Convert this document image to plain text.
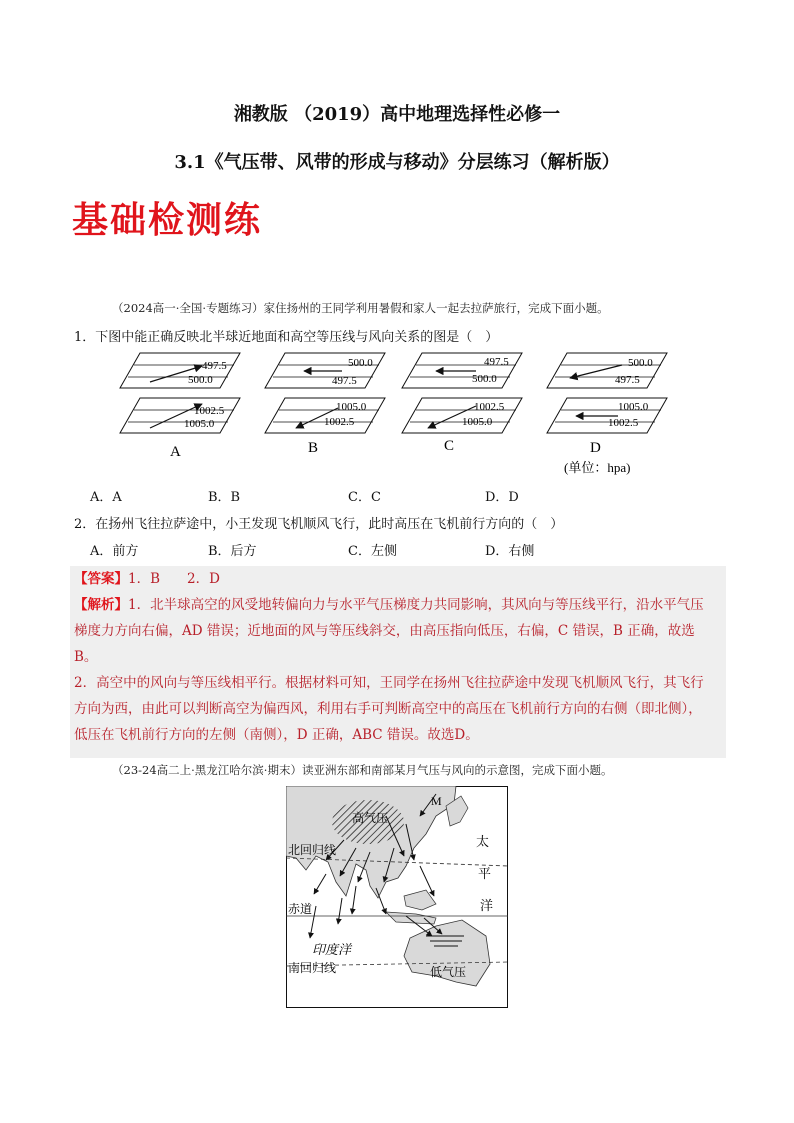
湘教版 （2019）高中地理选择性必修一
3.1《气压带、风带的形成与移动》分层练习（解析版）
基础检测练
（2024高一·全国·专题练习）家住扬州的王同学利用暑假和家人一起去拉萨旅行，完成下面小题。
1．下图中能正确反映北半球近地面和高空等压线与风向关系的图是（　）
497.5
500.0
1002.5
1005.0
A
500.0
497.5
1005.0
1002.5
B
497.5
500.0
1002.5
1005.0
C
500.0
497.5
1005.0
1002.5
D
(单位：hpa)
A．A	B．B	C．C	D．D
2．在扬州飞往拉萨途中，小王发现飞机顺风飞行，此时高压在飞机前行方向的（　）
A．前方	B．后方	C．左侧	D．右侧
【答案】1．B　　2．D
【解析】1．北半球高空的风受地转偏向力与水平气压梯度力共同影响，其风向与等压线平行，沿水平气压
梯度力方向右偏，AD 错误；近地面的风与等压线斜交，由高压指向低压，右偏，C 错误，B 正确，故选
B。
2．高空中的风向与等压线相平行。根据材料可知，王同学在扬州飞往拉萨途中发现飞机顺风飞行，其飞行
方向为西，由此可以判断高空为偏西风，利用右手可判断高空中的高压在飞机前行方向的右侧（即北侧），
低压在飞机前行方向的左侧（南侧），D 正确，ABC 错误。故选D。
（23-24高二上·黑龙江哈尔滨·期末）读亚洲东部和南部某月气压与风向的示意图，完成下面小题。
高气压
低气压
M
北回归线
赤道
南回归线
印度洋
太
平
洋
